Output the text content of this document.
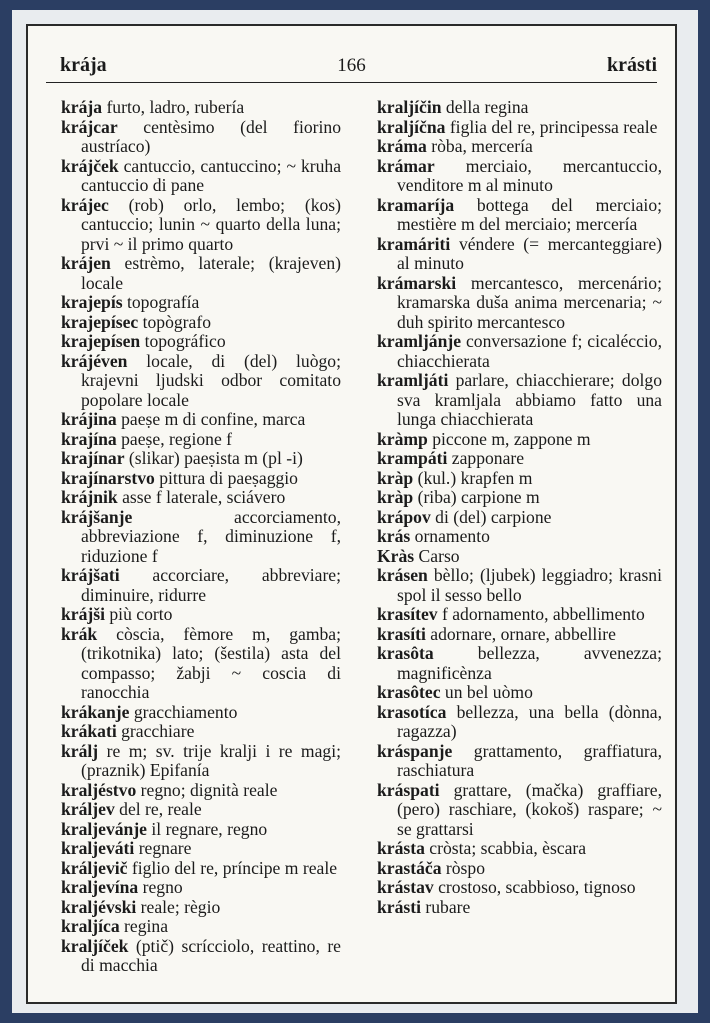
krája	166	krásti

krája furto, ladro, rubería

krájcar centèsimo (del fiorino austríaco)

krájček cantuccio, cantuccino; ~ kruha cantuccio di pane

krájec (rob) orlo, lembo; (kos) cantuccio; lunin ~ quarto della luna; prvi ~ il primo quarto

krájen estrèmo, laterale; (krajeven) locale

krajepís topografía

krajepísec topògrafo

krajepísen topográfico

krájéven locale, di (del) luògo; krajevni ljudski odbor comitato popolare locale

krájina paeṣe m di confine, marca

krajína paeṣe, regione f

krajínar (slikar) paeṣista m (pl -i)

krajínarstvo pittura di paeṣaggio

krájnik asse f laterale, sciávero

krájšanje accorciamento, abbreviazione f, diminuzione f, riduzione f

krájšati accorciare, abbreviare; diminuire, ridurre

krájši più corto

krák còscia, fèmore m, gamba; (trikotnika) lato; (šestila) asta del compasso; žabji ~ coscia di ranocchia

krákanje gracchiamento

krákati gracchiare

králj re m; sv. trije kralji i re magi; (praznik) Epifanía

kraljéstvo regno; dignità reale

králjev del re, reale

kraljevánje il regnare, regno

kraljeváti regnare

králjevič figlio del re, príncipe m reale

kraljevína regno

kraljévski reale; règio

kraljíca regina

kraljíček (ptič) scrícciolo, reattino, re di macchia

kraljíčin della regina

kraljíčna figlia del re, principessa reale

kráma ròba, mercería

krámar merciaio, mercantuccio, venditore m al minuto

kramaríja bottega del merciaio; mestière m del merciaio; mercería

kramáriti véndere (= mercanteggiare) al minuto

krámarski mercantesco, mercenário; kramarska duša anima mercenaria; ~ duh spirito mercantesco

kramljánje conversazione f; cicaléccio, chiacchierata

kramljáti parlare, chiacchierare; dolgo sva kramljala abbiamo fatto una lunga chiacchierata

kràmp piccone m, zappone m

krampáti zapponare

kràp (kul.) krapfen m

kràp (riba) carpione m

krápov di (del) carpione

krás ornamento

Kràs Carso

krásen bèllo; (ljubek) leggiadro; krasni spol il sesso bello

krasítev f adornamento, abbellimento

krasíti adornare, ornare, abbellire

krasôta bellezza, avvenezza; magnificènza

krasôtec un bel uòmo

krasotíca bellezza, una bella (dònna, ragazza)

kráspanje grattamento, graffiatura, raschiatura

kráspati grattare, (mačka) graffiare, (pero) raschiare, (kokoš) raspare; ~ se grattarsi

krásta cròsta; scabbia, èscara

krastáča ròspo

krástav crostoso, scabbioso, tignoso

krásti rubare
